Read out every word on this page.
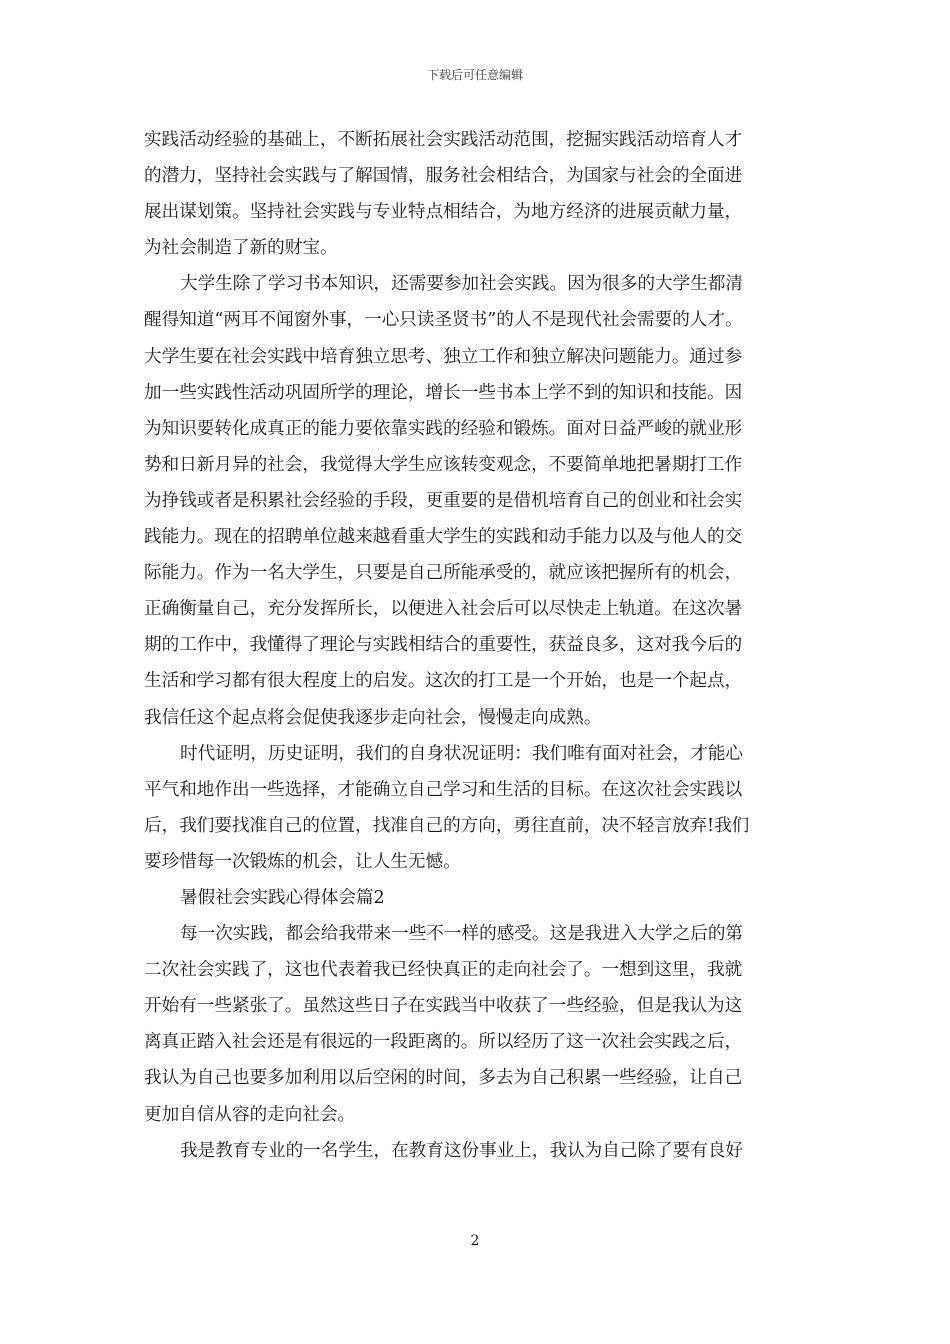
下载后可任意编辑
实践活动经验的基础上，不断拓展社会实践活动范围，挖掘实践活动培育人才
的潜力，坚持社会实践与了解国情，服务社会相结合，为国家与社会的全面进
展出谋划策。坚持社会实践与专业特点相结合，为地方经济的进展贡献力量，
为社会制造了新的财宝。
大学生除了学习书本知识，还需要参加社会实践。因为很多的大学生都清
醒得知道“两耳不闻窗外事，一心只读圣贤书”的人不是现代社会需要的人才。
大学生要在社会实践中培育独立思考、独立工作和独立解决问题能力。通过参
加一些实践性活动巩固所学的理论，增长一些书本上学不到的知识和技能。因
为知识要转化成真正的能力要依靠实践的经验和锻炼。面对日益严峻的就业形
势和日新月异的社会，我觉得大学生应该转变观念，不要简单地把暑期打工作
为挣钱或者是积累社会经验的手段，更重要的是借机培育自己的创业和社会实
践能力。现在的招聘单位越来越看重大学生的实践和动手能力以及与他人的交
际能力。作为一名大学生，只要是自己所能承受的，就应该把握所有的机会，
正确衡量自己，充分发挥所长，以便进入社会后可以尽快走上轨道。在这次暑
期的工作中，我懂得了理论与实践相结合的重要性，获益良多，这对我今后的
生活和学习都有很大程度上的启发。这次的打工是一个开始，也是一个起点，
我信任这个起点将会促使我逐步走向社会，慢慢走向成熟。
时代证明，历史证明，我们的自身状况证明：我们唯有面对社会，才能心
平气和地作出一些选择，才能确立自己学习和生活的目标。在这次社会实践以
后，我们要找准自己的位置，找准自己的方向，勇往直前，决不轻言放弃!我们
要珍惜每一次锻炼的机会，让人生无憾。
暑假社会实践心得体会篇2
每一次实践，都会给我带来一些不一样的感受。这是我进入大学之后的第
二次社会实践了，这也代表着我已经快真正的走向社会了。一想到这里，我就
开始有一些紧张了。虽然这些日子在实践当中收获了一些经验，但是我认为这
离真正踏入社会还是有很远的一段距离的。所以经历了这一次社会实践之后，
我认为自己也要多加利用以后空闲的时间，多去为自己积累一些经验，让自己
更加自信从容的走向社会。
我是教育专业的一名学生，在教育这份事业上，我认为自己除了要有良好
2
